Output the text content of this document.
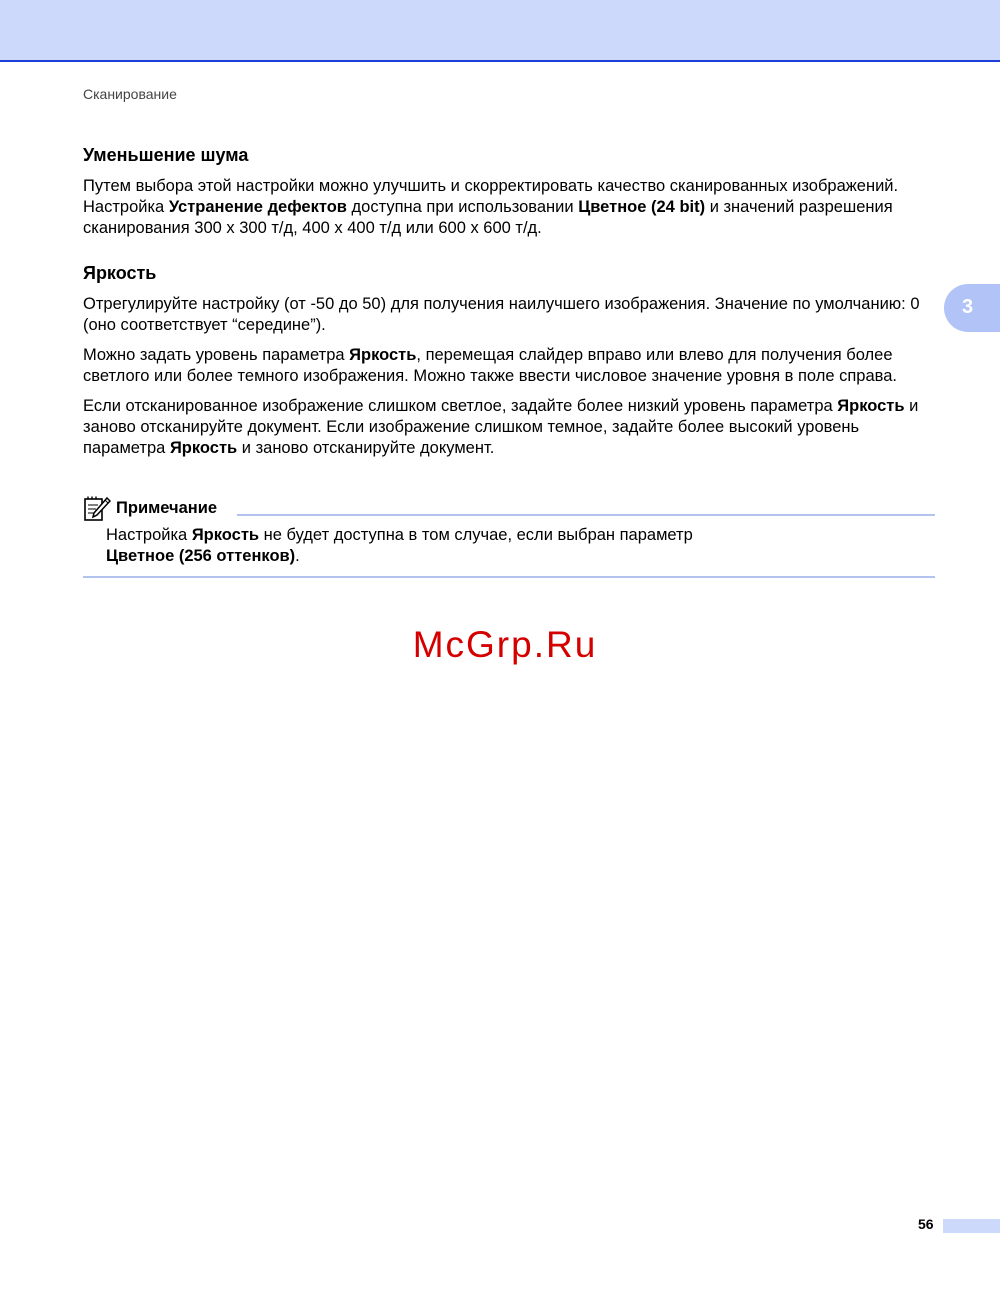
Сканирование
3
Уменьшение шума

Путем выбора этой настройки можно улучшить и скорректировать качество сканированных изображений. Настройка Устранение дефектов доступна при использовании Цветное (24 bit) и значений разрешения сканирования 300 x 300 т/д, 400 x 400 т/д или 600 x 600 т/д.

Яркость

Отрегулируйте настройку (от -50 до 50) для получения наилучшего изображения. Значение по умолчанию: 0 (оно соответствует “середине”).

Можно задать уровень параметра Яркость, перемещая слайдер вправо или влево для получения более светлого или более темного изображения. Можно также ввести числовое значение уровня в поле справа.

Если отсканированное изображение слишком светлое, задайте более низкий уровень параметра Яркость и заново отсканируйте документ. Если изображение слишком темное, задайте более высокий уровень параметра Яркость и заново отсканируйте документ.

Примечание
Настройка Яркость не будет доступна в том случае, если выбран параметр
Цветное (256 оттенков).
McGrp.Ru
56
